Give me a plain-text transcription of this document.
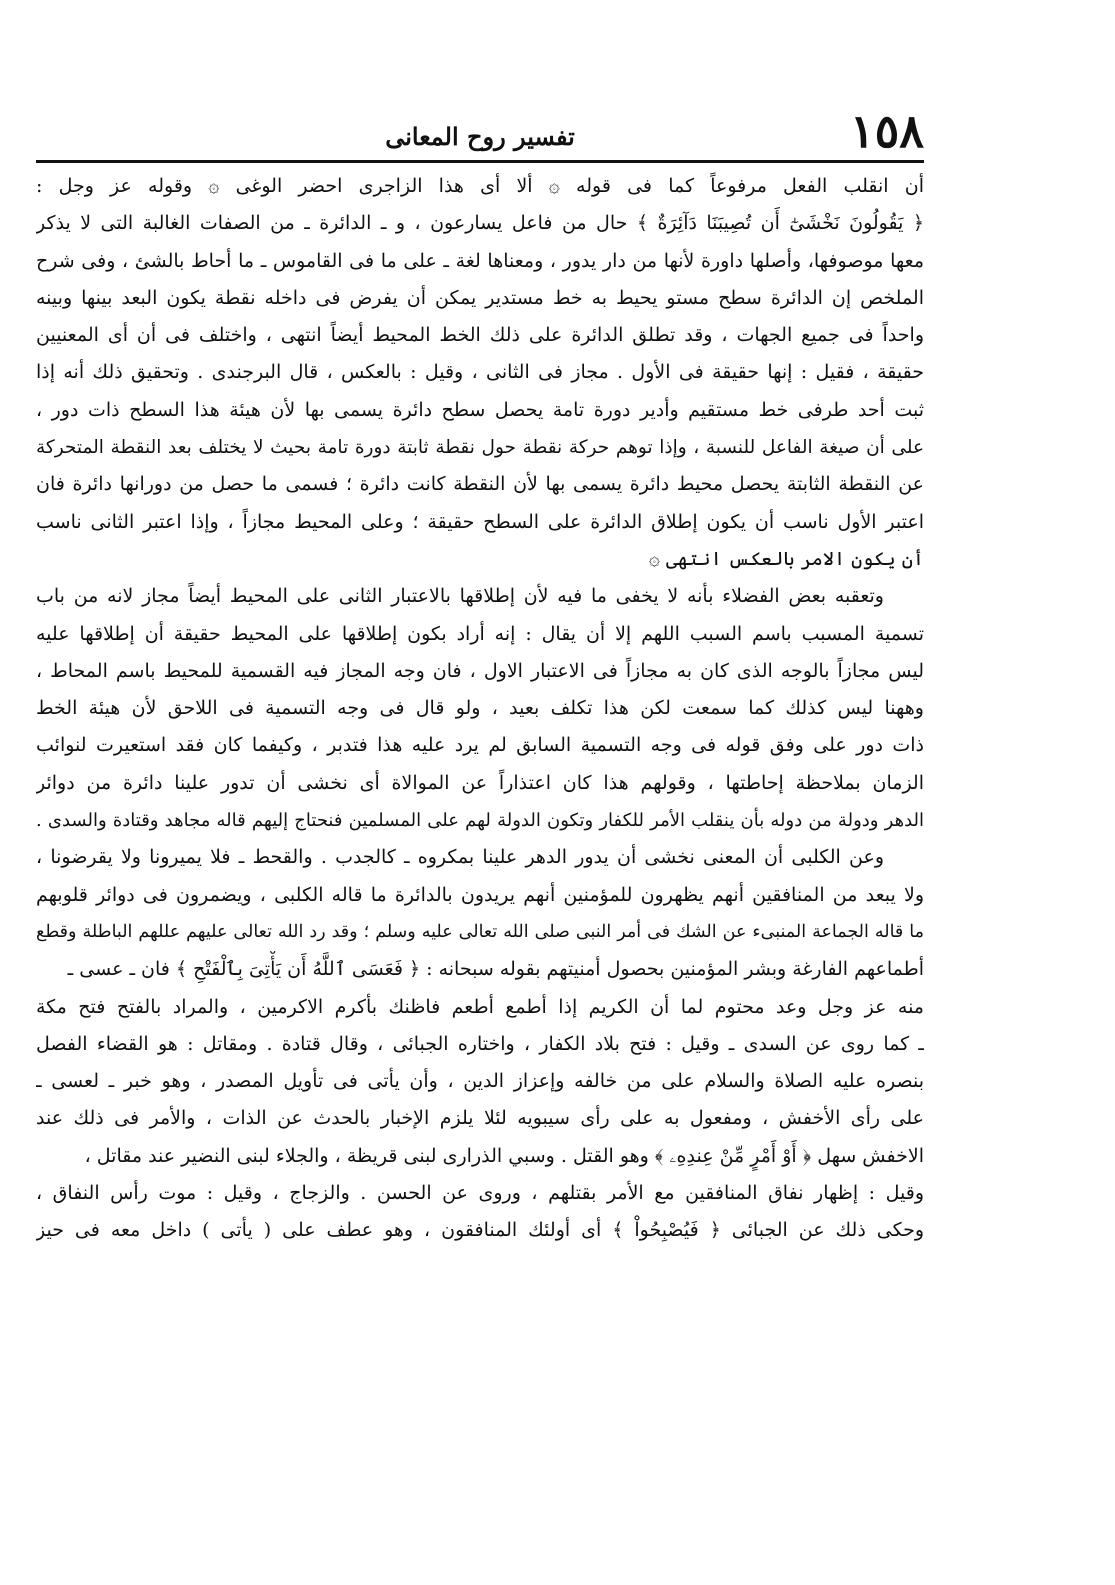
١٥٨
تفسير روح المعانى
أن انقلب الفعل مرفوعاً كما فى قوله ۞ ألا أى هذا الزاجرى احضر الوغى ۞ وقوله عز وجل :
﴿ يَقُولُونَ نَخْشَىٰٓ أَن تُصِيبَنَا دَآئِرَةٌ ﴾ حال من فاعل يسارعون ، و ـ الدائرة ـ من الصفات الغالبة التى لا يذكر
معها موصوفها، وأصلها داورة لأنها من دار يدور ، ومعناها لغة ـ على ما فى القاموس ـ ما أحاط بالشئ ، وفى شرح
الملخص إن الدائرة سطح مستو يحيط به خط مستدير يمكن أن يفرض فى داخله نقطة يكون البعد بينها وبينه
واحداً فى جميع الجهات ، وقد تطلق الدائرة على ذلك الخط المحيط أيضاً انتهى ، واختلف فى أن أى المعنيين
حقيقة ، فقيل : إنها حقيقة فى الأول . مجاز فى الثانى ، وقيل : بالعكس ، قال البرجندى . وتحقيق ذلك أنه إذا
ثبت أحد طرفى خط مستقيم وأدير دورة تامة يحصل سطح دائرة يسمى بها لأن هيئة هذا السطح ذات دور ،
على أن صيغة الفاعل للنسبة ، وإذا توهم حركة نقطة حول نقطة ثابتة دورة تامة بحيث لا يختلف بعد النقطة المتحركة
عن النقطة الثابتة يحصل محيط دائرة يسمى بها لأن النقطة كانت دائرة ؛ فسمى ما حصل من دورانها دائرة فان
اعتبر الأول ناسب أن يكون إطلاق الدائرة على السطح حقيقة ؛ وعلى المحيط مجازاً ، وإذا اعتبر الثانى ناسب
أن يكون الامر بالعكس انتهى ۞
وتعقبه بعض الفضلاء بأنه لا يخفى ما فيه لأن إطلاقها بالاعتبار الثانى على المحيط أيضاً مجاز لانه من باب
تسمية المسبب باسم السبب اللهم إلا أن يقال : إنه أراد بكون إطلاقها على المحيط حقيقة أن إطلاقها عليه
ليس مجازاً بالوجه الذى كان به مجازاً فى الاعتبار الاول ، فان وجه المجاز فيه القسمية للمحيط باسم المحاط ،
وههنا ليس كذلك كما سمعت لكن هذا تكلف بعيد ، ولو قال فى وجه التسمية فى اللاحق لأن هيئة الخط
ذات دور على وفق قوله فى وجه التسمية السابق لم يرد عليه هذا فتدبر ، وكيفما كان فقد استعيرت لنوائب
الزمان بملاحظة إحاطتها ، وقولهم هذا كان اعتذاراً عن الموالاة أى نخشى أن تدور علينا دائرة من دوائر
الدهر ودولة من دوله بأن ينقلب الأمر للكفار وتكون الدولة لهم على المسلمين فنحتاج إليهم قاله مجاهد وقتادة والسدى .
وعن الكلبى أن المعنى نخشى أن يدور الدهر علينا بمكروه ـ كالجدب . والقحط ـ فلا يميرونا ولا يقرضونا ،
ولا يبعد من المنافقين أنهم يظهرون للمؤمنين أنهم يريدون بالدائرة ما قاله الكلبى ، ويضمرون فى دوائر قلوبهم
ما قاله الجماعة المنبىء عن الشك فى أمر النبى صلى الله تعالى عليه وسلم ؛ وقد رد الله تعالى عليهم عللهم الباطلة وقطع
أطماعهم الفارغة وبشر المؤمنين بحصول أمنيتهم بقوله سبحانه : ﴿ فَعَسَى ٱللَّهُ أَن يَأْتِىَ بِٱلْفَتْحِ ﴾ فان ـ عسى ـ
منه عز وجل وعد محتوم لما أن الكريم إذا أطمع أطعم فاظنك بأكرم الاكرمين ، والمراد بالفتح فتح مكة
ـ كما روى عن السدى ـ وقيل : فتح بلاد الكفار ، واختاره الجبائى ، وقال قتادة . ومقاتل : هو القضاء الفصل
بنصره عليه الصلاة والسلام على من خالفه وإعزاز الدين ، وأن يأتى فى تأويل المصدر ، وهو خبر ـ لعسى ـ
على رأى الأخفش ، ومفعول به على رأى سيبويه لئلا يلزم الإخبار بالحدث عن الذات ، والأمر فى ذلك عند
الاخفش سهل ﴿ أَوْ أَمْرٍ مِّنْ عِندِهِۦ ﴾ وهو القتل . وسبي الذرارى لبنى قريظة ، والجلاء لبنى النضير عند مقاتل ،
وقيل : إظهار نفاق المنافقين مع الأمر بقتلهم ، وروى عن الحسن . والزجاج ، وقيل : موت رأس النفاق ،
وحكى ذلك عن الجبائى ﴿ فَيُصْبِحُواْ ﴾ أى أولئك المنافقون ، وهو عطف على ( يأتى ) داخل معه فى حيز
